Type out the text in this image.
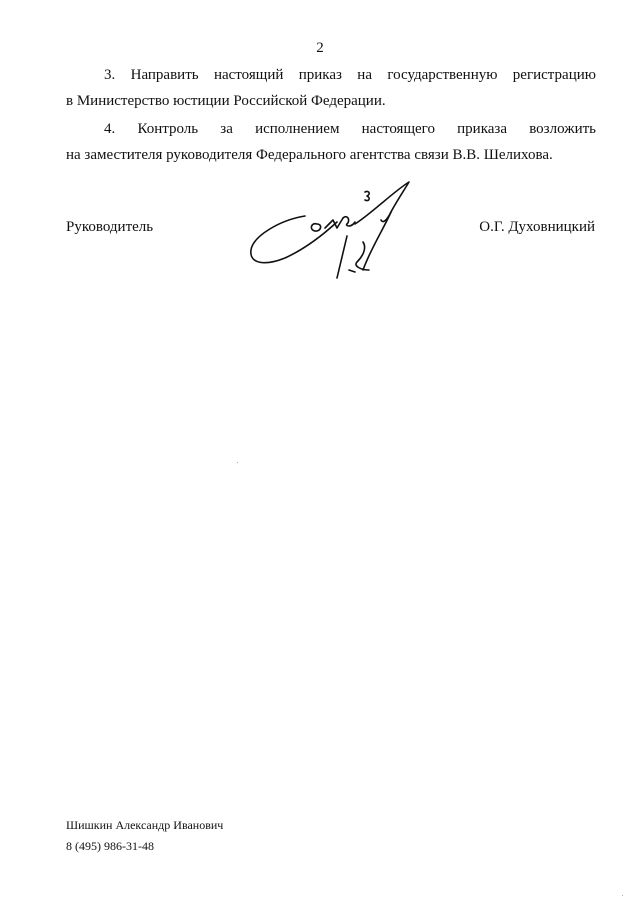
2
3. Направить настоящий приказ на государственную регистрацию
в Министерство юстиции Российской Федерации.
4. Контроль за исполнением настоящего приказа возложить
на заместителя руководителя Федерального агентства связи В.В. Шелихова.
Руководитель	О.Г. Духовницкий
Шишкин Александр Иванович
8 (495) 986-31-48
